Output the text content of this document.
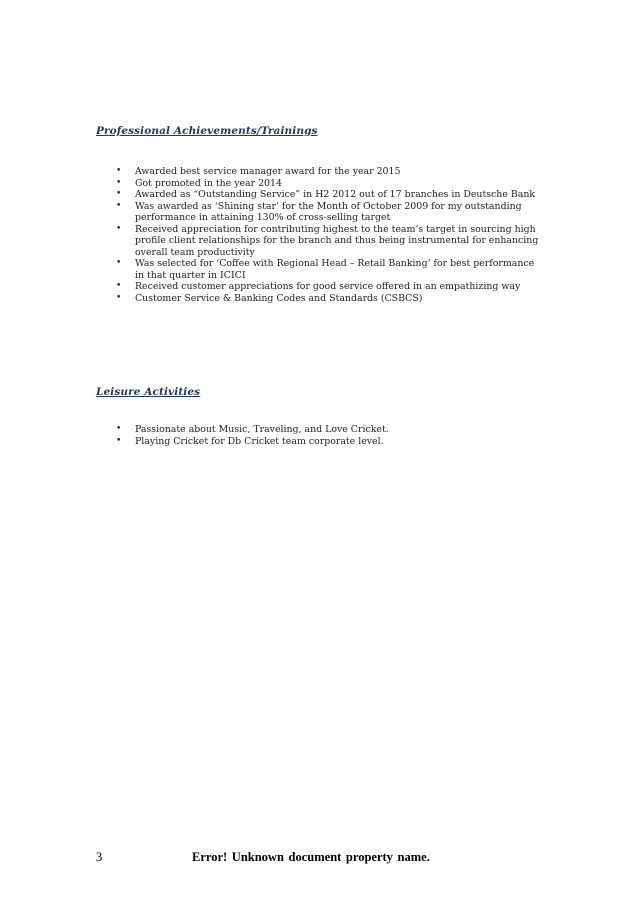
Professional Achievements/Trainings
• Awarded best service manager award for the year 2015
• Got promoted in the year 2014
• Awarded as “Outstanding Service” in H2 2012 out of 17 branches in Deutsche Bank
• Was awarded as ‘Shining star’ for the Month of October 2009 for my outstanding performance in attaining 130% of cross-selling target
• Received appreciation for contributing highest to the team’s target in sourcing high profile client relationships for the branch and thus being instrumental for enhancing overall team productivity
• Was selected for ‘Coffee with Regional Head – Retail Banking’ for best performance in that quarter in ICICI
• Received customer appreciations for good service offered in an empathizing way
• Customer Service & Banking Codes and Standards (CSBCS)
Leisure Activities
• Passionate about Music, Traveling, and Love Cricket.
• Playing Cricket for Db Cricket team corporate level.
3	Error! Unknown document property name.
